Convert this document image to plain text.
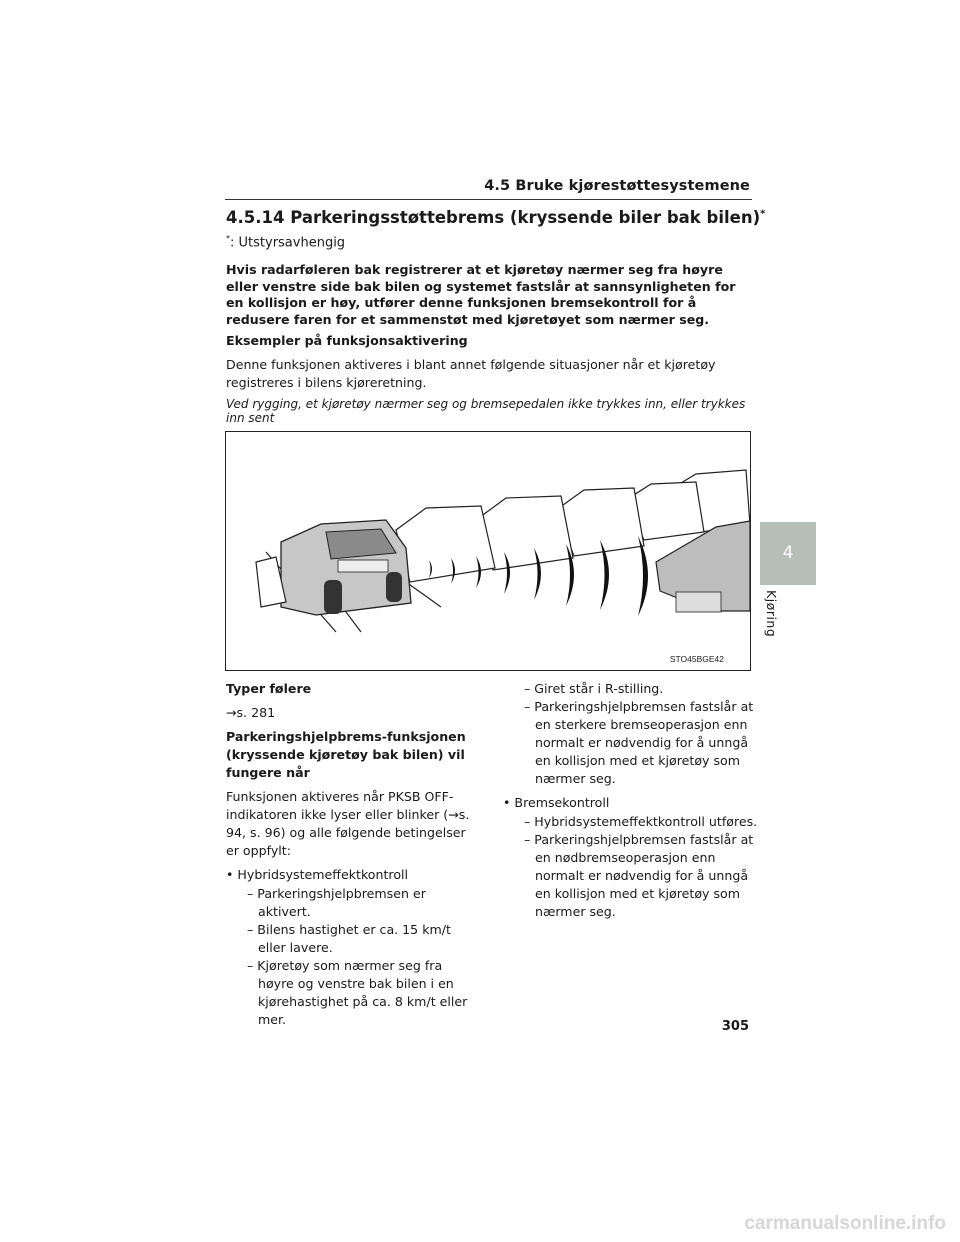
4.5 Bruke kjørestøttesystemene
4.5.14 Parkeringsstøttebrems (kryssende biler bak bilen)*
*: Utstyrsavhengig

Hvis radarføleren bak registrerer at et kjøretøy nærmer seg fra høyre eller venstre side bak bilen og systemet fastslår at sannsynligheten for en kollisjon er høy, utfører denne funksjonen bremsekontroll for å redusere faren for et sammenstøt med kjøretøyet som nærmer seg.

Eksempler på funksjonsaktivering

Denne funksjonen aktiveres i blant annet følgende situasjoner når et kjøretøy registreres i bilens kjøreretning.

Ved rygging, et kjøretøy nærmer seg og bremsepedalen ikke trykkes inn, eller trykkes inn sent

STO45BGE42
Typer følere
→s. 281
Parkeringshjelpbrems-funksjonen (kryssende kjøretøy bak bilen) vil fungere når
Funksjonen aktiveres når PKSB OFF-indikatoren ikke lyser eller blinker (→s. 94, s. 96) og alle følgende betingelser er oppfylt:
• Hybridsystemeffektkontroll
– Parkeringshjelpbremsen er aktivert.
– Bilens hastighet er ca. 15 km/t eller lavere.
– Kjøretøy som nærmer seg fra høyre og venstre bak bilen i en kjørehastighet på ca. 8 km/t eller mer.
– Giret står i R-stilling.
– Parkeringshjelpbremsen fastslår at en sterkere bremseoperasjon enn normalt er nødvendig for å unngå en kollisjon med et kjøretøy som nærmer seg.
• Bremsekontroll
– Hybridsystemeffektkontroll utføres.
– Parkeringshjelpbremsen fastslår at en nødbremseoperasjon enn normalt er nødvendig for å unngå en kollisjon med et kjøretøy som nærmer seg.
4
Kjøring
305
carmanualsonline.info
